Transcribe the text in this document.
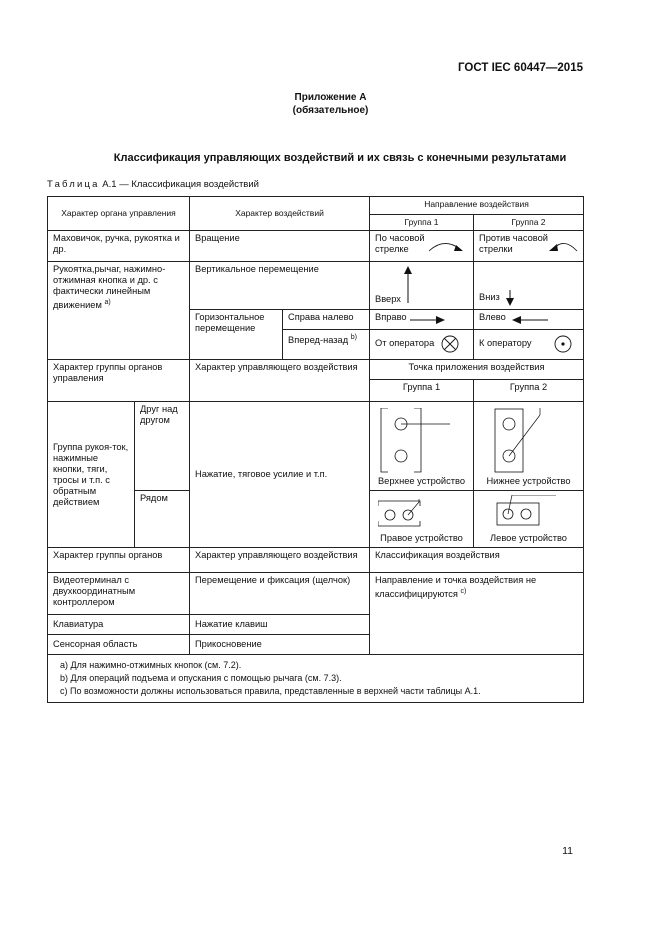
ГОСТ IEC 60447—2015
Приложение А
(обязательное)
Классификация управляющих воздействий и их связь с конечными результатами
Таблица А.1 — Классификация воздействий
Характер органа управления		Характер воздействий		Направление воздействия	
				Группа 1	Группа 2
Маховичок, ручка, рукоятка и др.		Вращение		По часовой стрелке	Против часовой стрелки

Рукоятка,рычаг, нажимно-отжимная кнопка и др. с фактически линейным движением $^{а)}$		Вертикальное перемещение		Вверх	Вниз

		Горизонтальное перемещение	Справа налево	Вправо	Влево

			Вперед-назад $^{b)}$	От оператора	К оператору

Характер группы органов управления		Характер управляющего воздействия		Точка приложения воздействия	
				Группа 1	Группа 2
Группа рукоя-ток, нажимные кнопки, тяги, тросы и т.п. с обратным действием	Друг над другом	Нажатие, тяговое усилие и т.п.		Верхнее устройство	Нижнее устройство

	Рядом			Правое устройство	Левое устройство

Характер группы органов		Характер управляющего воздействия		Классификация воздействия	
Видеотерминал с двухкоординатным контроллером		Перемещение и фиксация (щелчок)		Направление и точка воздействия не классифицируются $^{с)}$
Клавиатура		Нажатие клавиш			
Сенсорная область		Прикосновение			

а) Для нажимно-отжимных кнопок (см. 7.2).
b) Для операций подъема и опускания с помощью рычага (см. 7.3).
с) По возможности должны использоваться правила, представленные в верхней части таблицы А.1.					
11
